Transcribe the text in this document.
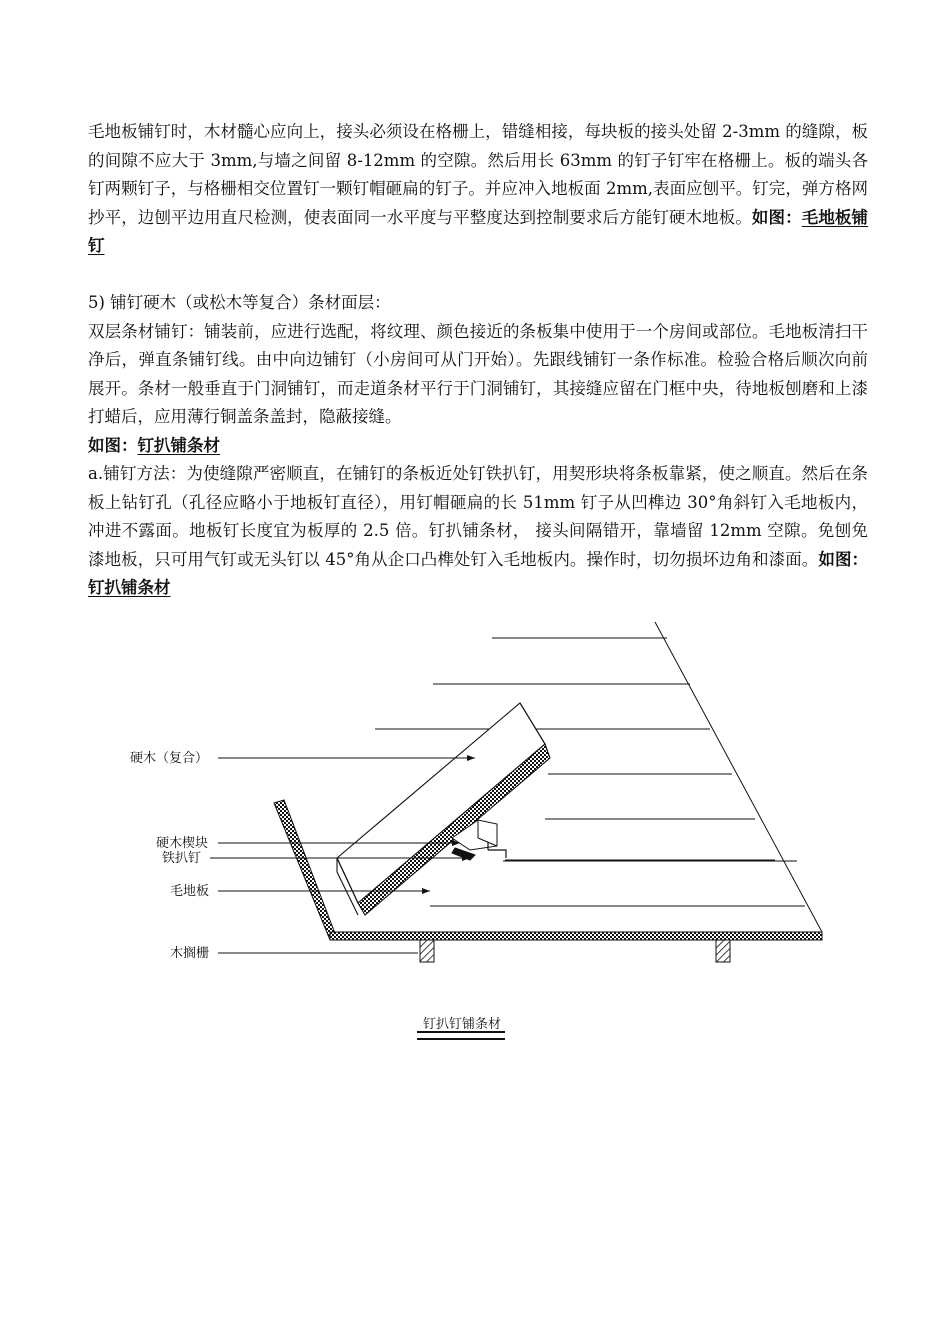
毛地板铺钉时，木材髓心应向上，接头必须设在格栅上，错缝相接，每块板的接头处留 2-3mm 的缝隙，板的间隙不应大于 3mm,与墙之间留 8-12mm 的空隙。然后用长 63mm 的钉子钉牢在格栅上。板的端头各钉两颗钉子，与格栅相交位置钉一颗钉帽砸扁的钉子。并应冲入地板面 2mm,表面应刨平。钉完，弹方格网抄平，边刨平边用直尺检测，使表面同一水平度与平整度达到控制要求后方能钉硬木地板。如图：毛地板铺钉

5) 铺钉硬木（或松木等复合）条材面层：

双层条材铺钉：铺装前，应进行选配，将纹理、颜色接近的条板集中使用于一个房间或部位。毛地板清扫干净后，弹直条铺钉线。由中向边铺钉（小房间可从门开始）。先跟线铺钉一条作标准。检验合格后顺次向前展开。条材一般垂直于门洞铺钉，而走道条材平行于门洞铺钉，其接缝应留在门框中央，待地板刨磨和上漆打蜡后，应用薄行铜盖条盖封，隐蔽接缝。

如图：钉扒铺条材

a.铺钉方法：为使缝隙严密顺直，在铺钉的条板近处钉铁扒钉，用契形块将条板靠紧，使之顺直。然后在条板上钻钉孔（孔径应略小于地板钉直径），用钉帽砸扁的长 51mm 钉子从凹榫边 30°角斜钉入毛地板内，冲进不露面。地板钉长度宜为板厚的 2.5 倍。钉扒铺条材， 接头间隔错开，靠墙留 12mm 空隙。免刨免漆地板，只可用气钉或无头钉以 45°角从企口凸榫处钉入毛地板内。操作时，切勿损坏边角和漆面。如图：钉扒铺条材

硬木（复合）
硬木楔块
铁扒钉
毛地板
木搁栅
钉扒钉铺条材
